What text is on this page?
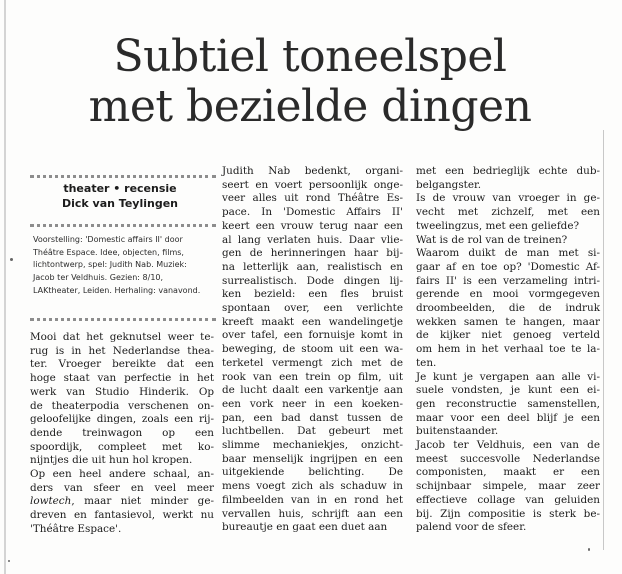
Subtiel toneelspel
met bezielde dingen
theater • recensie
Dick van Teylingen
Voorstelling: 'Domestic affairs II' door
Théâtre Espace. Idee, objecten, films,
lichtontwerp, spel: Judith Nab. Muziek:
Jacob ter Veldhuis. Gezien: 8/10,
LAKtheater, Leiden. Herhaling: vanavond.
Mooi dat het geknutsel weer te-
rug is in het Nederlandse thea-
ter. Vroeger bereikte dat een
hoge staat van perfectie in het
werk van Studio Hinderik. Op
de theaterpodia verschenen on-
geloofelijke dingen, zoals een rij-
dende treinwagon op een
spoordijk, compleet met ko-
nijntjes die uit hun hol kropen.
Op een heel andere schaal, an-
ders van sfeer en veel meer
lowtech, maar niet minder ge-
dreven en fantasievol, werkt nu
'Théâtre Espace'.
Judith Nab bedenkt, organi-
seert en voert persoonlijk onge-
veer alles uit rond Théâtre Es-
pace. In 'Domestic Affairs II'
keert een vrouw terug naar een
al lang verlaten huis. Daar vlie-
gen de herinneringen haar bij-
na letterlijk aan, realistisch en
surrealistisch. Dode dingen lij-
ken bezield: een fles bruist
spontaan over, een verlichte
kreeft maakt een wandelingetje
over tafel, een fornuisje komt in
beweging, de stoom uit een wa-
terketel vermengt zich met de
rook van een trein op film, uit
de lucht daalt een varkentje aan
een vork neer in een koeken-
pan, een bad danst tussen de
luchtbellen. Dat gebeurt met
slimme mechaniekjes, onzicht-
baar menselijk ingrijpen en een
uitgekiende belichting. De
mens voegt zich als schaduw in
filmbeelden van in en rond het
vervallen huis, schrijft aan een
bureautje en gaat een duet aan
met een bedrieglijk echte dub-
belgangster.
Is de vrouw van vroeger in ge-
vecht met zichzelf, met een
tweelingzus, met een geliefde?
Wat is de rol van de treinen?
Waarom duikt de man met si-
gaar af en toe op? 'Domestic Af-
fairs II' is een verzameling intri-
gerende en mooi vormgegeven
droombeelden, die de indruk
wekken samen te hangen, maar
de kijker niet genoeg verteld
om hem in het verhaal toe te la-
ten.
Je kunt je vergapen aan alle vi-
suele vondsten, je kunt een ei-
gen reconstructie samenstellen,
maar voor een deel blijf je een
buitenstaander.
Jacob ter Veldhuis, een van de
meest succesvolle Nederlandse
componisten, maakt er een
schijnbaar simpele, maar zeer
effectieve collage van geluiden
bij. Zijn compositie is sterk be-
palend voor de sfeer.
